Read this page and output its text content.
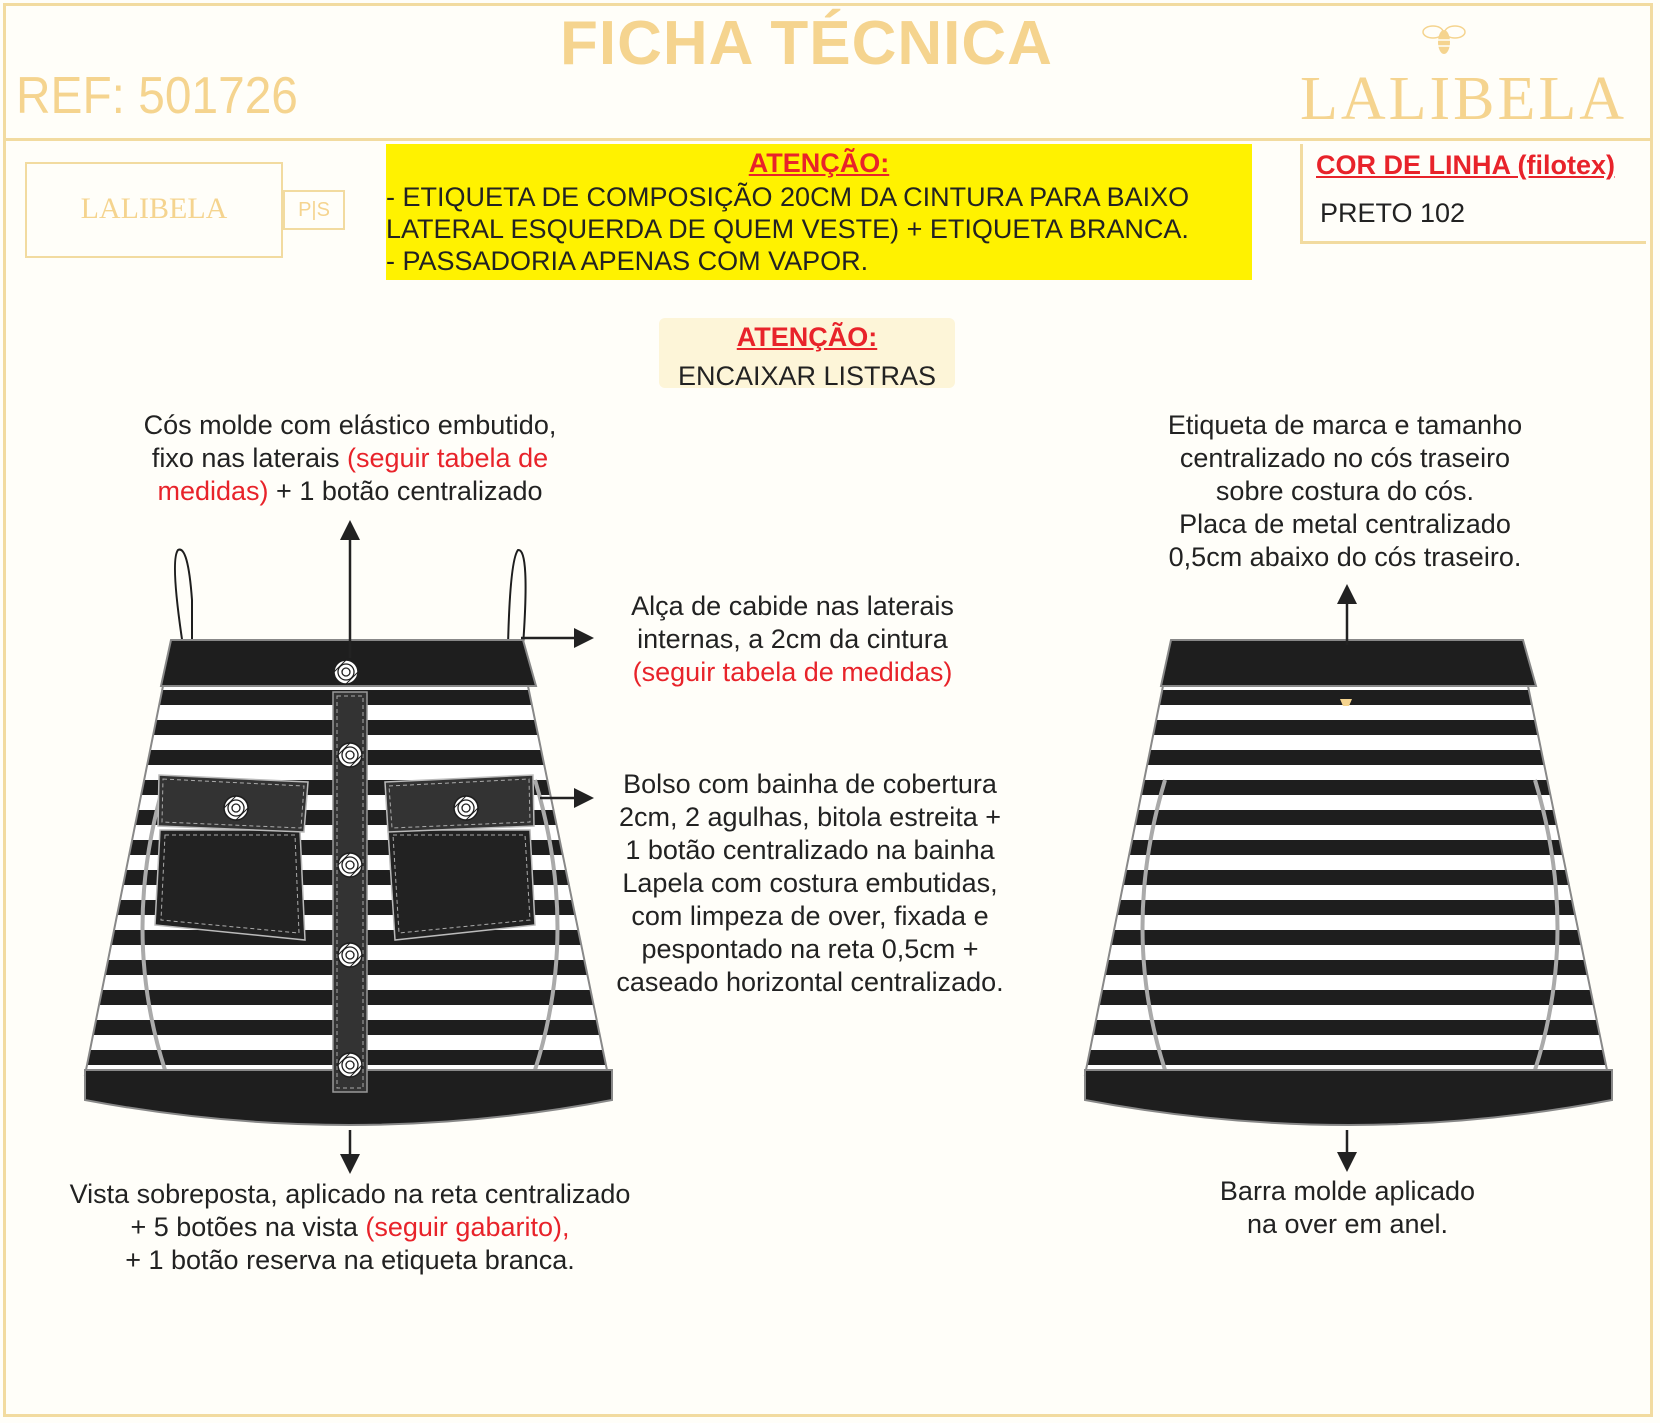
FICHA TÉCNICA
REF: 501726	LALIBELA
LALIBELA	P|S
ATENÇÃO:
- ETIQUETA DE COMPOSIÇÃO 20CM DA CINTURA PARA BAIXO
LATERAL ESQUERDA DE QUEM VESTE) + ETIQUETA BRANCA.
- PASSADORIA APENAS COM VAPOR.
COR DE LINHA (filotex)
PRETO 102
ATENÇÃO:
ENCAIXAR LISTRAS
Cós molde com elástico embutido,
fixo nas laterais (seguir tabela de
medidas) + 1 botão centralizado
Alça de cabide nas laterais
internas, a 2cm da cintura
(seguir tabela de medidas)
Bolso com bainha de cobertura
2cm, 2 agulhas, bitola estreita +
1 botão centralizado na bainha
Lapela com costura embutidas,
com limpeza de over, fixada e
pespontado na reta 0,5cm +
caseado horizontal centralizado.
Vista sobreposta, aplicado na reta centralizado
+ 5 botões na vista (seguir gabarito),
+ 1 botão reserva na etiqueta branca.
Etiqueta de marca e tamanho
centralizado no cós traseiro
sobre costura do cós.
Placa de metal centralizado
0,5cm abaixo do cós traseiro.
Barra molde aplicado
na over em anel.
